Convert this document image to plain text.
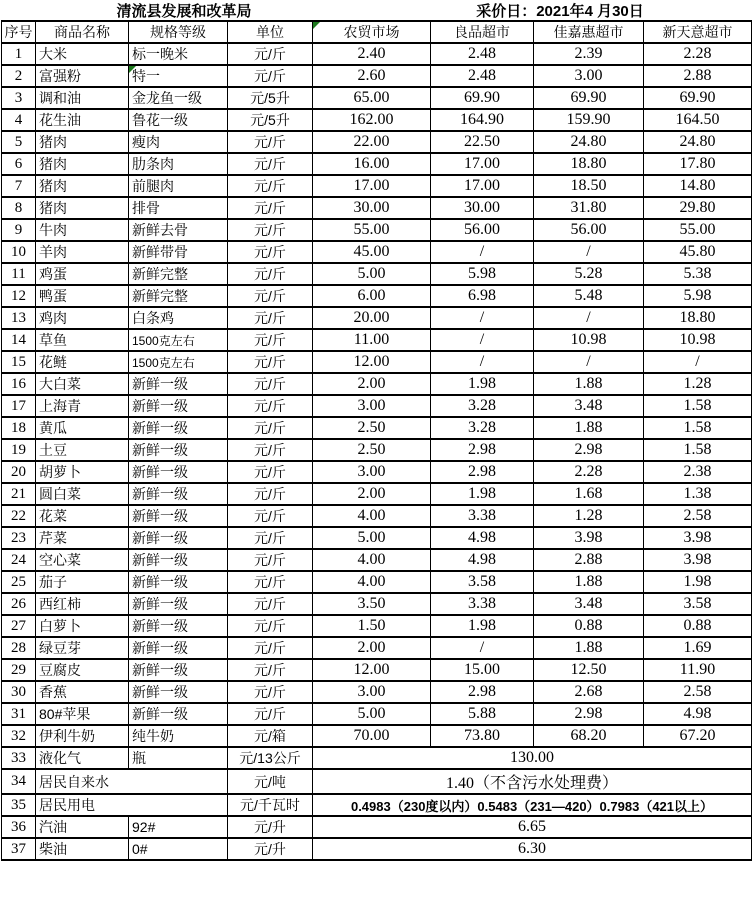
清流县发展和改革局	采价日：2021年4 月30日
序号	商品名称	规格等级	单位	农贸市场	良品超市	佳嘉惠超市	新天意超市
1	大米	标一晚米	元/斤	2.40	2.48	2.39	2.28
2	富强粉	特一	元/斤	2.60	2.48	3.00	2.88
3	调和油	金龙鱼一级	元/5升	65.00	69.90	69.90	69.90
4	花生油	鲁花一级	元/5升	162.00	164.90	159.90	164.50
5	猪肉	瘦肉	元/斤	22.00	22.50	24.80	24.80
6	猪肉	肋条肉	元/斤	16.00	17.00	18.80	17.80
7	猪肉	前腿肉	元/斤	17.00	17.00	18.50	14.80
8	猪肉	排骨	元/斤	30.00	30.00	31.80	29.80
9	牛肉	新鲜去骨	元/斤	55.00	56.00	56.00	55.00
10	羊肉	新鲜带骨	元/斤	45.00	/	/	45.80
11	鸡蛋	新鲜完整	元/斤	5.00	5.98	5.28	5.38
12	鸭蛋	新鲜完整	元/斤	6.00	6.98	5.48	5.98
13	鸡肉	白条鸡	元/斤	20.00	/	/	18.80
14	草鱼	1500克左右	元/斤	11.00	/	10.98	10.98
15	花鲢	1500克左右	元/斤	12.00	/	/	/
16	大白菜	新鲜一级	元/斤	2.00	1.98	1.88	1.28
17	上海青	新鲜一级	元/斤	3.00	3.28	3.48	1.58
18	黄瓜	新鲜一级	元/斤	2.50	3.28	1.88	1.58
19	土豆	新鲜一级	元/斤	2.50	2.98	2.98	1.58
20	胡萝卜	新鲜一级	元/斤	3.00	2.98	2.28	2.38
21	圆白菜	新鲜一级	元/斤	2.00	1.98	1.68	1.38
22	花菜	新鲜一级	元/斤	4.00	3.38	1.28	2.58
23	芹菜	新鲜一级	元/斤	5.00	4.98	3.98	3.98
24	空心菜	新鲜一级	元/斤	4.00	4.98	2.88	3.98
25	茄子	新鲜一级	元/斤	4.00	3.58	1.88	1.98
26	西红柿	新鲜一级	元/斤	3.50	3.38	3.48	3.58
27	白萝卜	新鲜一级	元/斤	1.50	1.98	0.88	0.88
28	绿豆芽	新鲜一级	元/斤	2.00	/	1.88	1.69
29	豆腐皮	新鲜一级	元/斤	12.00	15.00	12.50	11.90
30	香蕉	新鲜一级	元/斤	3.00	2.98	2.68	2.58
31	80#苹果	新鲜一级	元/斤	5.00	5.88	2.98	4.98
32	伊利牛奶	纯牛奶	元/箱	70.00	73.80	68.20	67.20
33	液化气	瓶	元/13公斤	130.00			
34	居民自来水		元/吨	1.40（不含污水处理费）			
35	居民用电		元/千瓦时	0.4983（230度以内）0.5483（231—420）0.7983（421以上）			
36	汽油	92#	元/升	6.65			
37	柴油	0#	元/升	6.30			
